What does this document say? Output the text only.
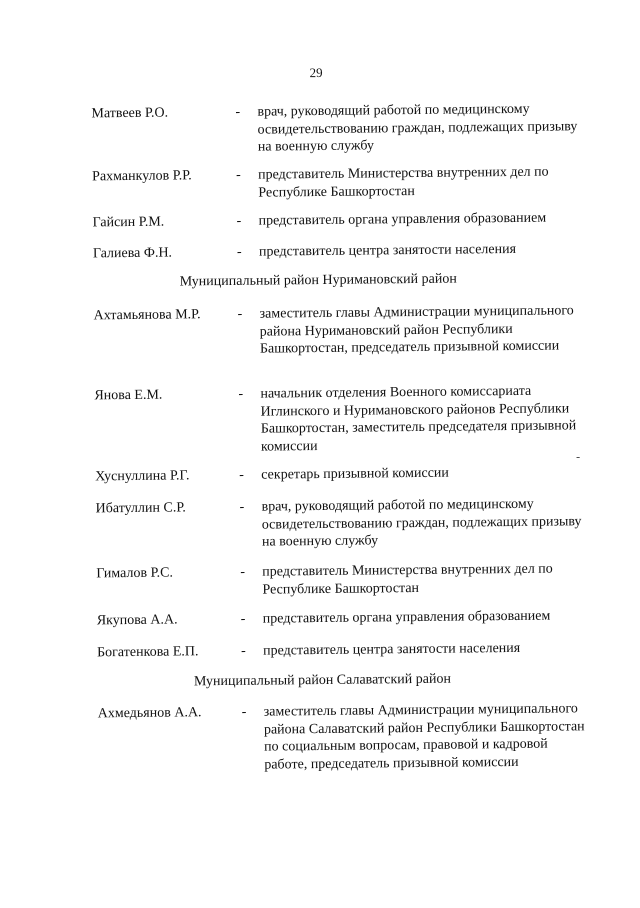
29
Матвеев Р.О.	- врач, руководящий работой по медицинскому освидетельствованию граждан, подлежащих призыву на военную службу
Рахманкулов Р.Р.	- представитель Министерства внутренних дел по Республике Башкортостан
Гайсин Р.М.	- представитель органа управления образованием
Галиева Ф.Н.	- представитель центра занятости населения
Муниципальный район Нуримановский район
Ахтамьянова М.Р.	- заместитель главы Администрации муниципального района Нуримановский район Республики Башкортостан, председатель призывной комиссии
Янова Е.М.	- начальник отделения Военного комиссариата Иглинского и Нуримановского районов Республики Башкортостан, заместитель председателя призывной комиссии
Хуснуллина Р.Г.	- секретарь призывной комиссии
Ибатуллин С.Р.	- врач, руководящий работой по медицинскому освидетельствованию граждан, подлежащих призыву на военную службу
Гималов Р.С.	- представитель Министерства внутренних дел по Республике Башкортостан
Якупова А.А.	- представитель органа управления образованием
Богатенкова Е.П.	- представитель центра занятости населения
Муниципальный район Салаватский район
Ахмедьянов А.А.	- заместитель главы Администрации муниципального района Салаватский район Республики Башкортостан по социальным вопросам, правовой и кадровой работе, председатель призывной комиссии
-
